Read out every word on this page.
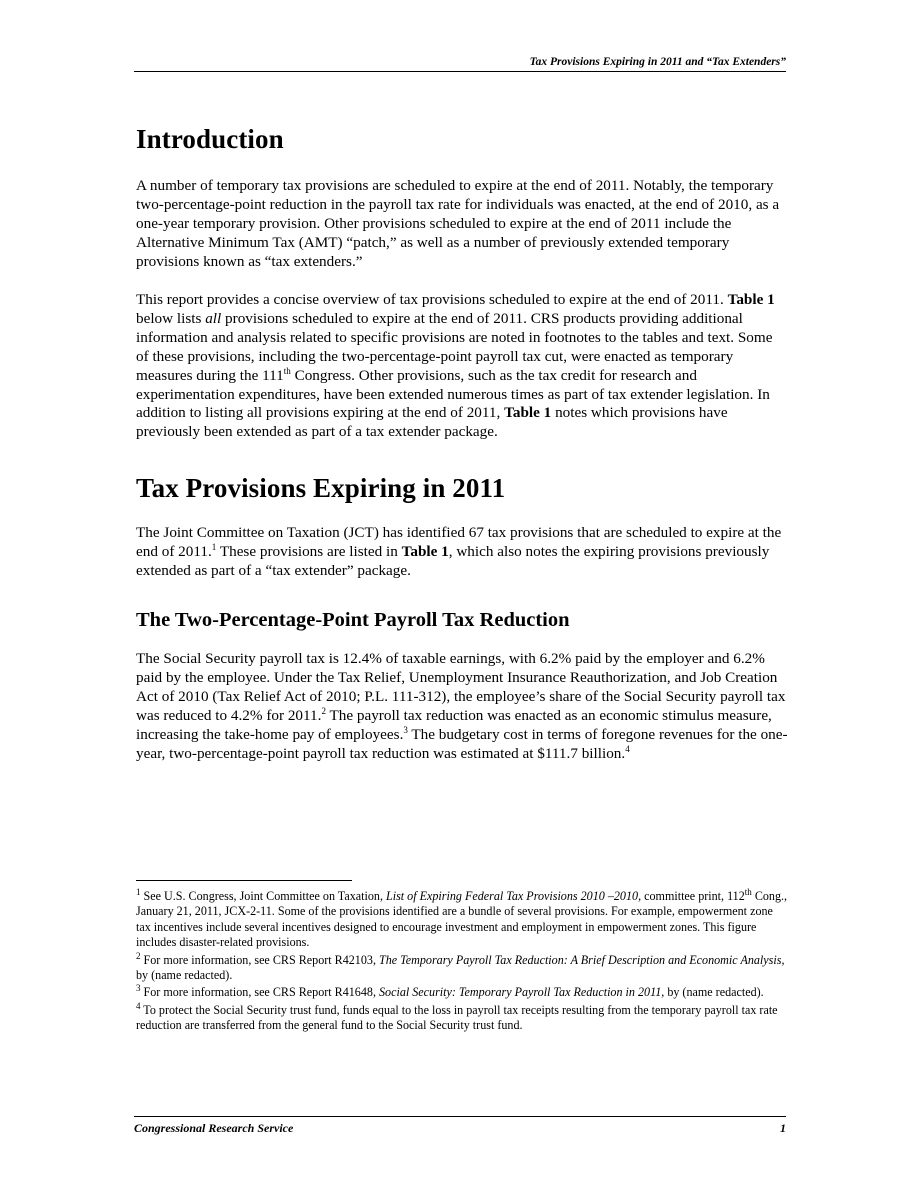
Tax Provisions Expiring in 2011 and “Tax Extenders”
Introduction

A number of temporary tax provisions are scheduled to expire at the end of 2011. Notably, the temporary two-percentage-point reduction in the payroll tax rate for individuals was enacted, at the end of 2010, as a one-year temporary provision. Other provisions scheduled to expire at the end of 2011 include the Alternative Minimum Tax (AMT) “patch,” as well as a number of previously extended temporary provisions known as “tax extenders.”

This report provides a concise overview of tax provisions scheduled to expire at the end of 2011. Table 1 below lists all provisions scheduled to expire at the end of 2011. CRS products providing additional information and analysis related to specific provisions are noted in footnotes to the tables and text. Some of these provisions, including the two-percentage-point payroll tax cut, were enacted as temporary measures during the 111th Congress. Other provisions, such as the tax credit for research and experimentation expenditures, have been extended numerous times as part of tax extender legislation. In addition to listing all provisions expiring at the end of 2011, Table 1 notes which provisions have previously been extended as part of a tax extender package.

Tax Provisions Expiring in 2011

The Joint Committee on Taxation (JCT) has identified 67 tax provisions that are scheduled to expire at the end of 2011.$^1$ These provisions are listed in Table 1, which also notes the expiring provisions previously extended as part of a “tax extender” package.

The Two-Percentage-Point Payroll Tax Reduction

The Social Security payroll tax is 12.4% of taxable earnings, with 6.2% paid by the employer and 6.2% paid by the employee. Under the Tax Relief, Unemployment Insurance Reauthorization, and Job Creation Act of 2010 (Tax Relief Act of 2010; P.L. 111-312), the employee’s share of the Social Security payroll tax was reduced to 4.2% for 2011.$^2$ The payroll tax reduction was enacted as an economic stimulus measure, increasing the take-home pay of employees.$^3$ The budgetary cost in terms of foregone revenues for the one-year, two-percentage-point payroll tax reduction was estimated at $111.7 billion.$^4$

$^1$ See U.S. Congress, Joint Committee on Taxation, List of Expiring Federal Tax Provisions 2010 –2010, committee print, 112th Cong., January 21, 2011, JCX-2-11. Some of the provisions identified are a bundle of several provisions. For example, empowerment zone tax incentives include several incentives designed to encourage investment and employment in empowerment zones. This figure includes disaster-related provisions.

$^2$ For more information, see CRS Report R42103, The Temporary Payroll Tax Reduction: A Brief Description and Economic Analysis, by (name redacted).

$^3$ For more information, see CRS Report R41648, Social Security: Temporary Payroll Tax Reduction in 2011, by (name redacted).

$^4$ To protect the Social Security trust fund, funds equal to the loss in payroll tax receipts resulting from the temporary payroll tax rate reduction are transferred from the general fund to the Social Security trust fund.

Congressional Research Service	1
